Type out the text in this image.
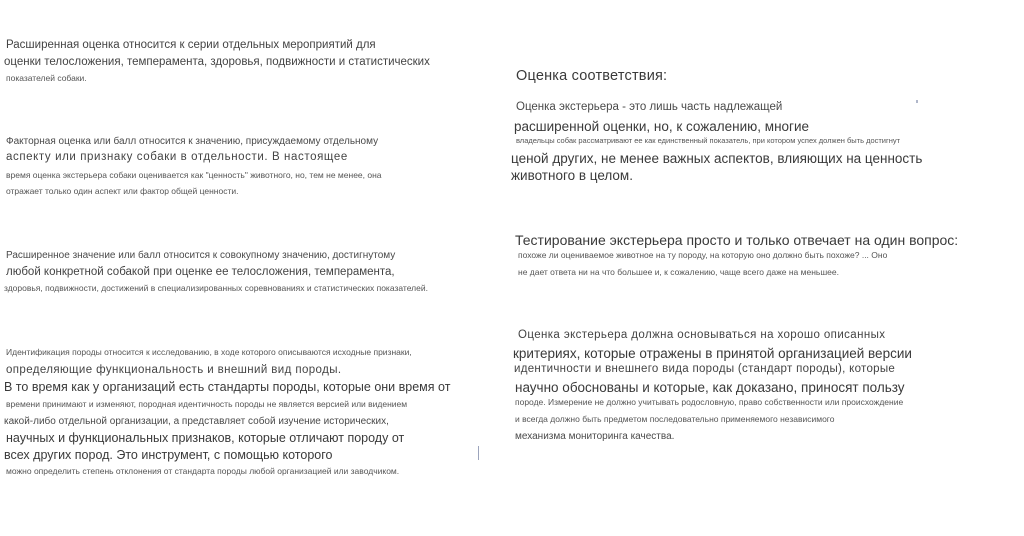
Расширенная оценка относится к серии отдельных мероприятий для
оценки телосложения, темперамента, здоровья, подвижности и статистических
показателей собаки.
Факторная оценка или балл относится к значению, присуждаемому отдельному
аспекту или признаку собаки в отдельности. В настоящее
время оценка экстерьера собаки оценивается как "ценность" животного, но, тем не менее, она
отражает только один аспект или фактор общей ценности.
Расширенное значение или балл относится к совокупному значению, достигнутому
любой конкретной собакой при оценке ее телосложения, темперамента,
здоровья, подвижности, достижений в специализированных соревнованиях и статистических показателей.
Идентификация породы относится к исследованию, в ходе которого описываются исходные признаки,
определяющие функциональность и внешний вид породы.
В то время как у организаций есть стандарты породы, которые они время от
времени принимают и изменяют, породная идентичность породы не является версией или видением
какой-либо отдельной организации, а представляет собой изучение исторических,
научных и функциональных признаков, которые отличают породу от
всех других пород. Это инструмент, с помощью которого
можно определить степень отклонения от стандарта породы любой организацией или заводчиком.
Оценка соответствия:
Оценка экстерьера - это лишь часть надлежащей
расширенной оценки, но, к сожалению, многие
владельцы собак рассматривают ее как единственный показатель, при котором успех должен быть достигнут
ценой других, не менее важных аспектов, влияющих на ценность
животного в целом.
Тестирование экстерьера просто и только отвечает на один вопрос:
похоже ли оцениваемое животное на ту породу, на которую оно должно быть похоже? ... Оно
не дает ответа ни на что большее и, к сожалению, чаще всего даже на меньшее.
Оценка экстерьера должна основываться на хорошо описанных
критериях, которые отражены в принятой организацией версии
идентичности и внешнего вида породы (стандарт породы), которые
научно обоснованы и которые, как доказано, приносят пользу
породе. Измерение не должно учитывать родословную, право собственности или происхождение
и всегда должно быть предметом последовательно применяемого независимого
механизма мониторинга качества.
